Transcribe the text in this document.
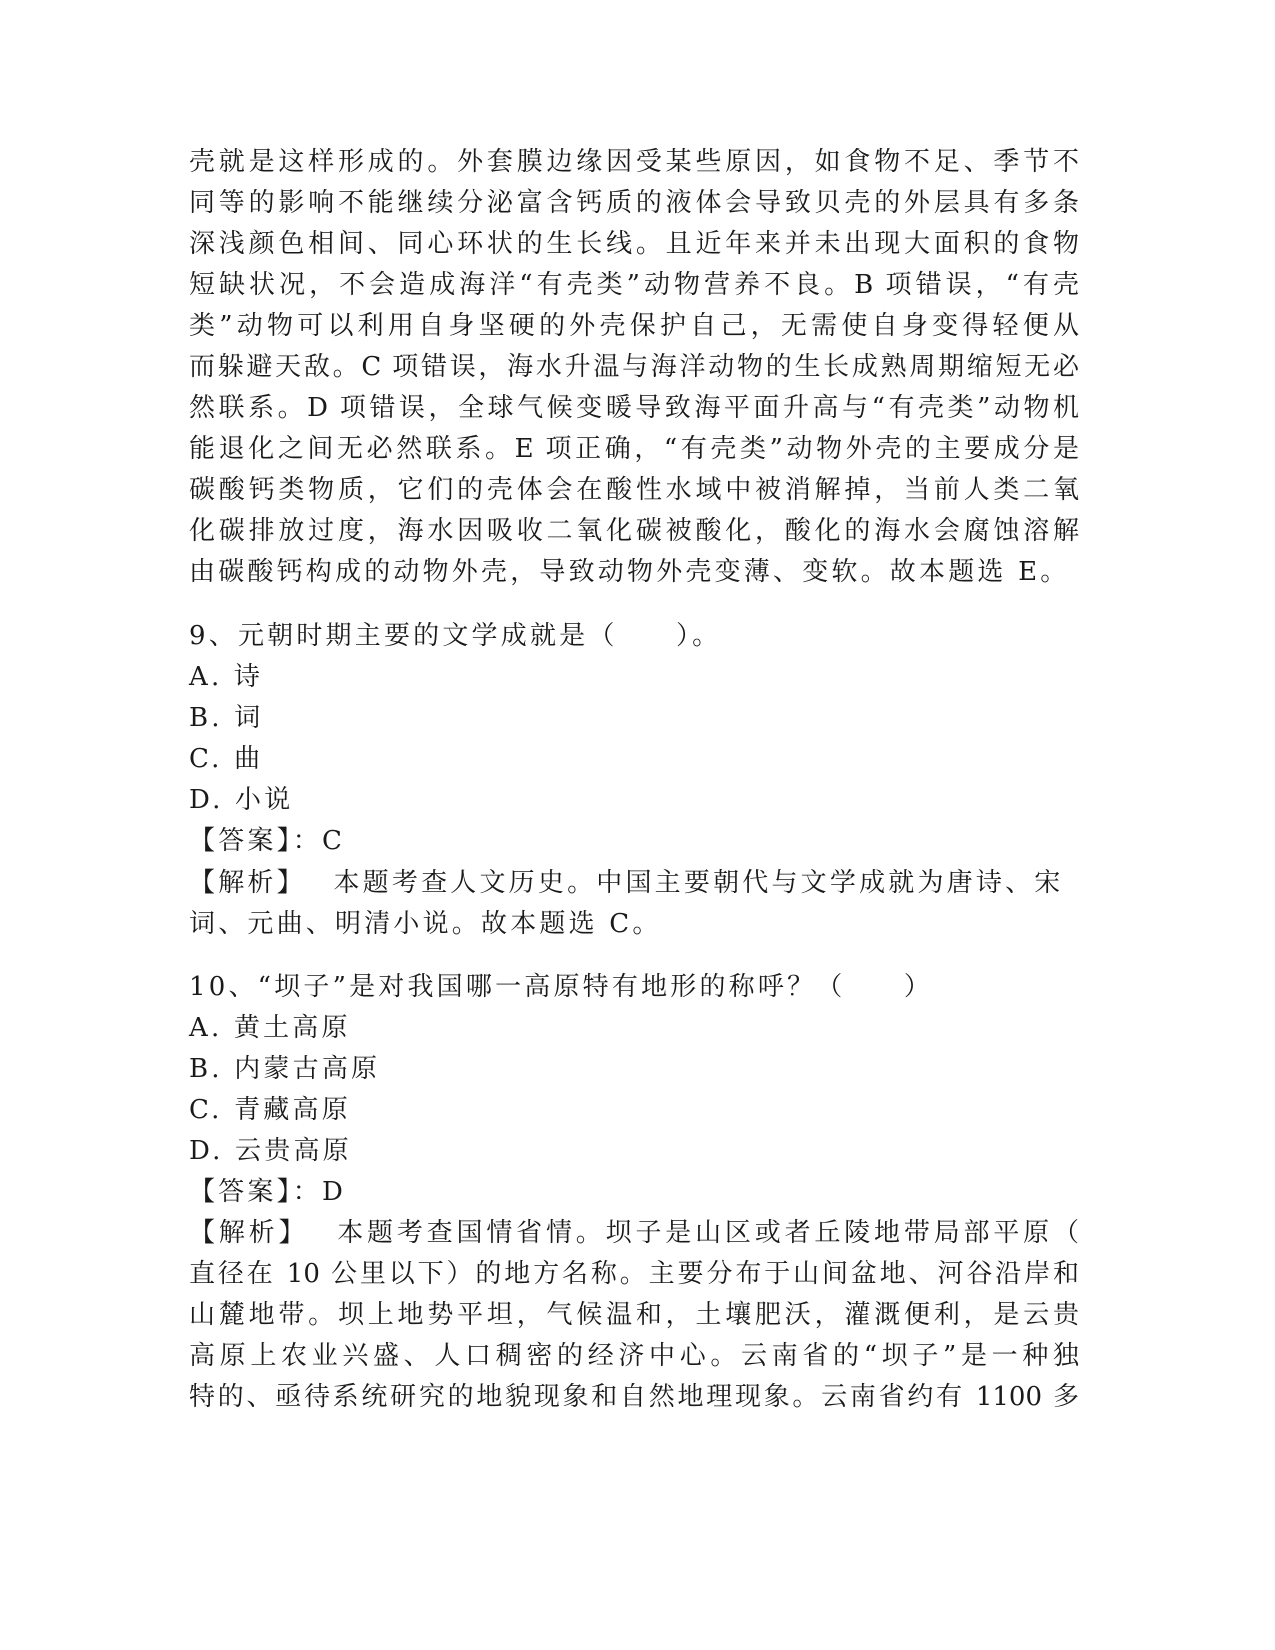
壳就是这样形成的。外套膜边缘因受某些原因，如食物不足、季节不
同等的影响不能继续分泌富含钙质的液体会导致贝壳的外层具有多条
深浅颜色相间、同心环状的生长线。且近年来并未出现大面积的食物
短缺状况，不会造成海洋“有壳类”动物营养不良。B 项错误，“有壳
类”动物可以利用自身坚硬的外壳保护自己，无需使自身变得轻便从
而躲避天敌。C 项错误，海水升温与海洋动物的生长成熟周期缩短无必
然联系。D 项错误，全球气候变暖导致海平面升高与“有壳类”动物机
能退化之间无必然联系。E 项正确，“有壳类”动物外壳的主要成分是
碳酸钙类物质，它们的壳体会在酸性水域中被消解掉，当前人类二氧
化碳排放过度，海水因吸收二氧化碳被酸化，酸化的海水会腐蚀溶解
由碳酸钙构成的动物外壳，导致动物外壳变薄、变软。故本题选 E。
9、元朝时期主要的文学成就是（　　）。
A. 诗
B. 词
C. 曲
D. 小说
【答案】：C
【解析】　 本题考查人文历史。中国主要朝代与文学成就为唐诗、宋
词、元曲、明清小说。故本题选 C。
10、“坝子”是对我国哪一高原特有地形的称呼？（　　）
A. 黄土高原
B. 内蒙古高原
C. 青藏高原
D. 云贵高原
【答案】：D
【解析】　 本题考查国情省情。坝子是山区或者丘陵地带局部平原（
直径在 10 公里以下）的地方名称。主要分布于山间盆地、河谷沿岸和
山麓地带。坝上地势平坦，气候温和，土壤肥沃，灌溉便利，是云贵
高原上农业兴盛、人口稠密的经济中心。云南省的“坝子”是一种独
特的、亟待系统研究的地貌现象和自然地理现象。云南省约有 1100 多
